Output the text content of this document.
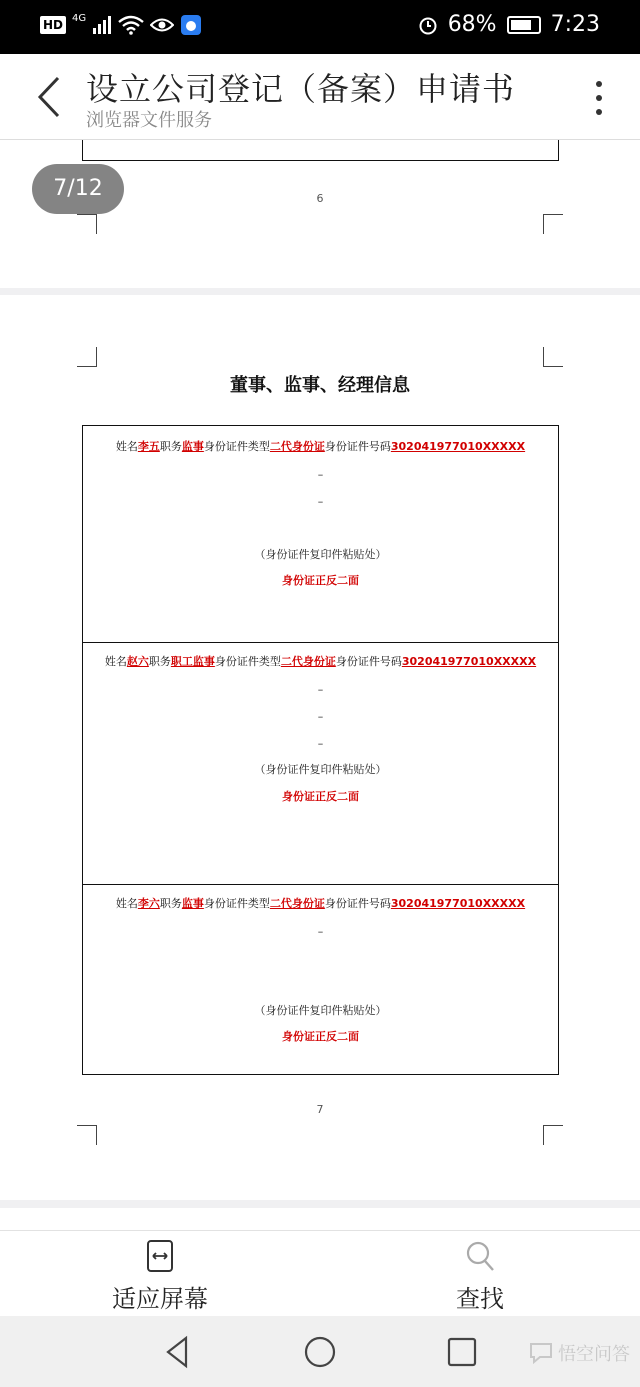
HD 4G	68% 7:23
设立公司登记（备案）申请书
浏览器文件服务
6
董事、监事、经理信息
姓名李五职务监事身份证件类型二代身份证身份证件号码302041977010XXXXX
–
–
（身份证件复印件粘贴处）
身份证正反二面
姓名赵六职务职工监事身份证件类型二代身份证身份证件号码302041977010XXXXX
–
–
–
（身份证件复印件粘贴处）
身份证正反二面
姓名李六职务监事身份证件类型二代身份证身份证件号码302041977010XXXXX
–
（身份证件复印件粘贴处）
身份证正反二面
7
7/12
适应屏幕	查找
悟空问答
